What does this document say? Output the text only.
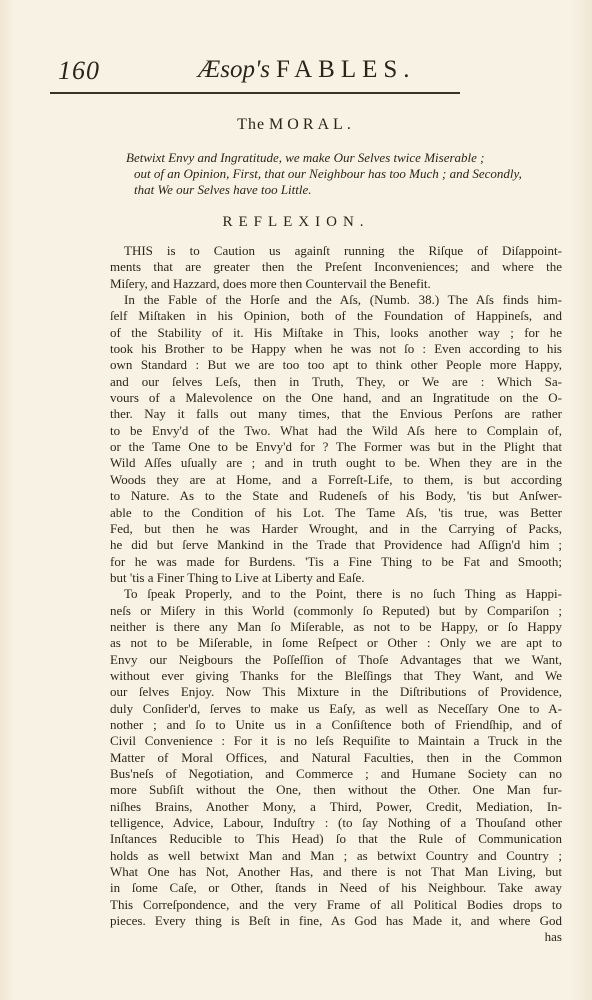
160	Æsop's FABLES.
The MORAL.
Betwixt Envy and Ingratitude, we make Our Selves twice Miserable ;
out of an Opinion, First, that our Neighbour has too Much ; and Secondly,
that We our Selves have too Little.
REFLEXION.
THIS is to Caution us againſt running the Riſque of Diſappoint-
ments that are greater then the Preſent Inconveniences; and where the
Miſery, and Hazzard, does more then Countervail the Benefit.
In the Fable of the Horſe and the Aſs, (Numb. 38.) The Aſs finds him-
ſelf Miſtaken in his Opinion, both of the Foundation of Happineſs, and
of the Stability of it. His Miſtake in This, looks another way ; for he
took his Brother to be Happy when he was not ſo : Even according to his
own Standard : But we are too too apt to think other People more Happy,
and our ſelves Leſs, then in Truth, They, or We are : Which Sa-
vours of a Malevolence on the One hand, and an Ingratitude on the O-
ther. Nay it falls out many times, that the Envious Perſons are rather
to be Envy'd of the Two. What had the Wild Aſs here to Complain of,
or the Tame One to be Envy'd for ? The Former was but in the Plight that
Wild Aſſes uſually are ; and in truth ought to be. When they are in the
Woods they are at Home, and a Forreſt-Life, to them, is but according
to Nature. As to the State and Rudeneſs of his Body, 'tis but Anſwer-
able to the Condition of his Lot. The Tame Aſs, 'tis true, was Better
Fed, but then he was Harder Wrought, and in the Carrying of Packs,
he did but ſerve Mankind in the Trade that Providence had Aſſign'd him ;
for he was made for Burdens. 'Tis a Fine Thing to be Fat and Smooth;
but 'tis a Finer Thing to Live at Liberty and Eaſe.
To ſpeak Properly, and to the Point, there is no ſuch Thing as Happi-
neſs or Miſery in this World (commonly ſo Reputed) but by Compariſon ;
neither is there any Man ſo Miſerable, as not to be Happy, or ſo Happy
as not to be Miſerable, in ſome Reſpect or Other : Only we are apt to
Envy our Neigbours the Poſſeſſion of Thoſe Advantages that we Want,
without ever giving Thanks for the Bleſſings that They Want, and We
our ſelves Enjoy. Now This Mixture in the Diſtributions of Providence,
duly Conſider'd, ſerves to make us Eaſy, as well as Neceſſary One to A-
nother ; and ſo to Unite us in a Conſiſtence both of Friendſhip, and of
Civil Convenience : For it is no leſs Requiſite to Maintain a Truck in the
Matter of Moral Offices, and Natural Faculties, then in the Common
Bus'neſs of Negotiation, and Commerce ; and Humane Society can no
more Subſiſt without the One, then without the Other. One Man fur-
niſhes Brains, Another Mony, a Third, Power, Credit, Mediation, In-
telligence, Advice, Labour, Induſtry : (to ſay Nothing of a Thouſand other
Inſtances Reducible to This Head) ſo that the Rule of Communication
holds as well betwixt Man and Man ; as betwixt Country and Country ;
What One has Not, Another Has, and there is not That Man Living, but
in ſome Caſe, or Other, ſtands in Need of his Neighbour. Take away
This Correſpondence, and the very Frame of all Political Bodies drops to
pieces. Every thing is Beſt in fine, As God has Made it, and where God
has
